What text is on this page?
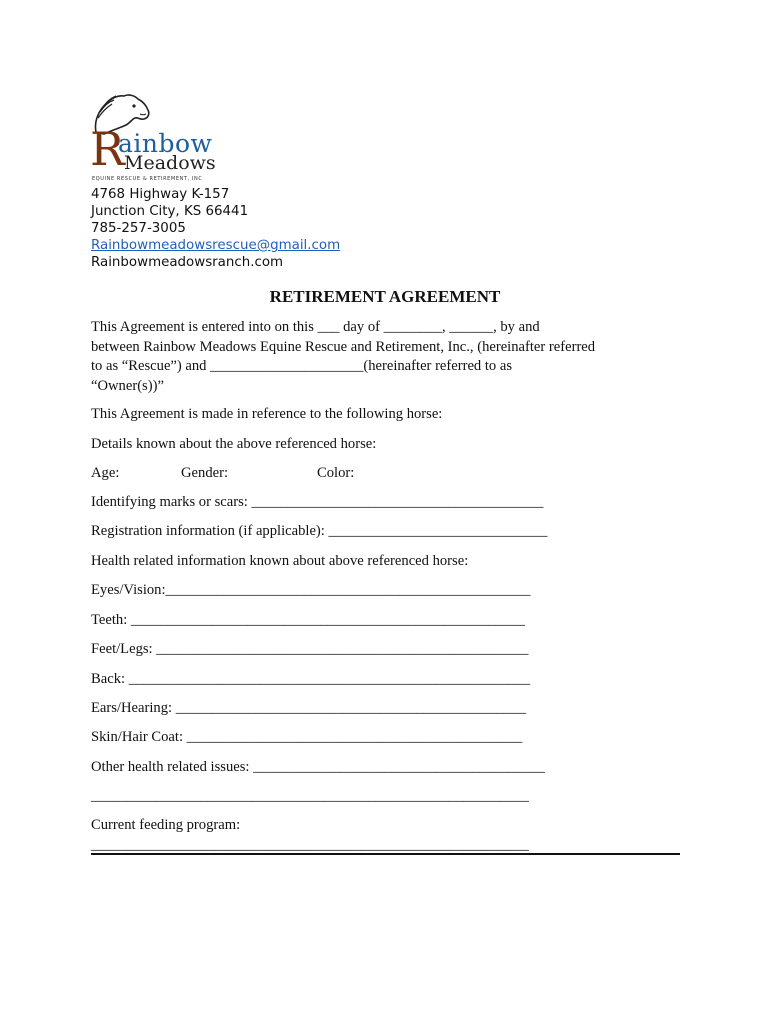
R
ainbow
Meadows
EQUINE RESCUE & RETIREMENT, INC
4768 Highway K-157
Junction City, KS 66441
785-257-3005
Rainbowmeadowsrescue@gmail.com
Rainbowmeadowsranch.com
RETIREMENT AGREEMENT
This Agreement is entered into on this ___ day of ________, ______, by and
between Rainbow Meadows Equine Rescue and Retirement, Inc., (hereinafter referred
to as “Rescue”) and _____________________(hereinafter referred to as
“Owner(s))”
This Agreement is made in reference to the following horse:
Details known about the above referenced horse:
Age:	Gender:	Color:
Identifying marks or scars: ________________________________________
Registration information (if applicable): ______________________________
Health related information known about above referenced horse:
Eyes/Vision:__________________________________________________
Teeth: ______________________________________________________
Feet/Legs: ___________________________________________________
Back: _______________________________________________________
Ears/Hearing: ________________________________________________
Skin/Hair Coat: ______________________________________________
Other health related issues: ________________________________________
____________________________________________________________
Current feeding program:
____________________________________________________________
